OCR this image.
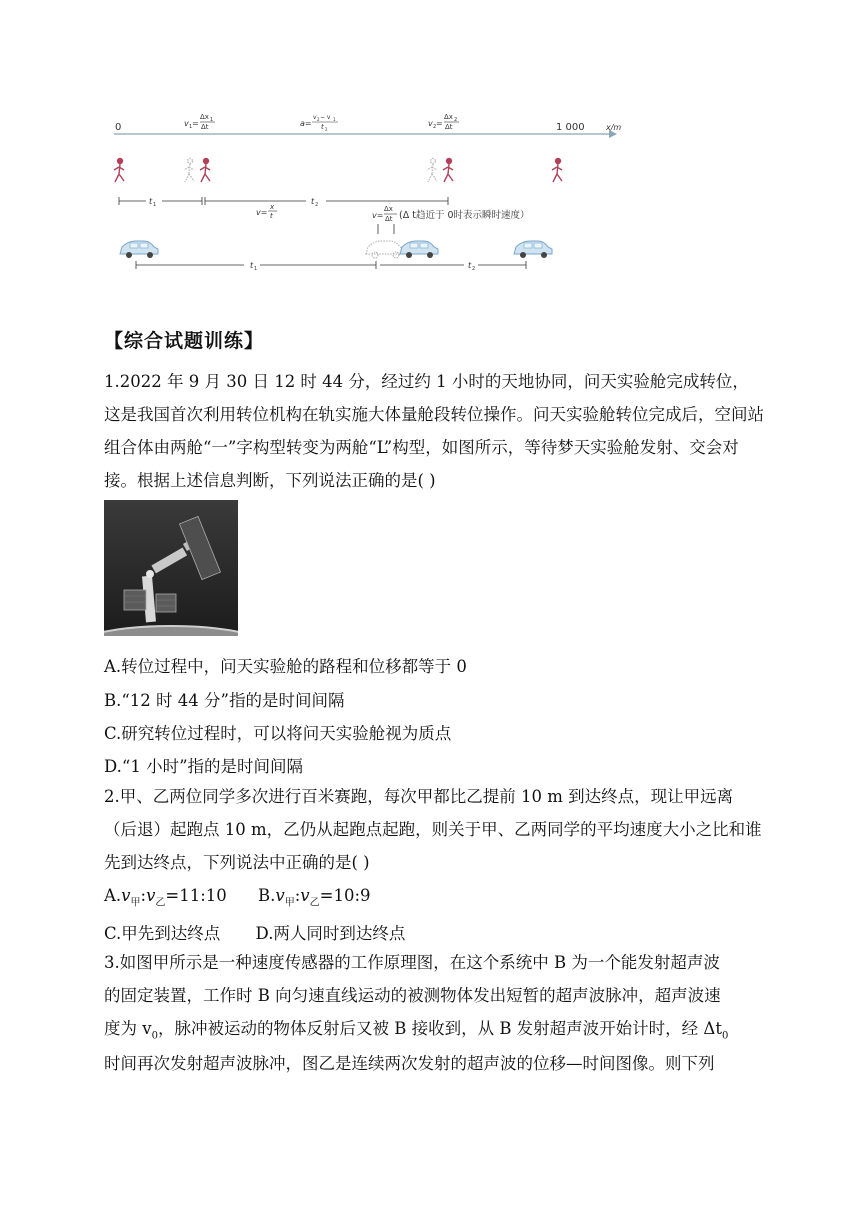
0	1 000	x/m
v 1 =
Δx 1
Δt	a=
v 2 − v 1
t 2
v 2 =
Δx 2
Δt
t 1	t 2
v=
x
t	v=
Δx
Δt (Δ t趋近于 0时表示瞬时速度）
t 1	t 2
【综合试题训练】
1.2022 年 9 月 30 日 12 时 44 分，经过约 1 小时的天地协同，问天实验舱完成转位，这是我国首次利用转位机构在轨实施大体量舱段转位操作。问天实验舱转位完成后，空间站组合体由两舱“一”字构型转变为两舱“L”构型，如图所示，等待梦天实验舱发射、交会对接。根据上述信息判断，下列说法正确的是( )
A.转位过程中，问天实验舱的路程和位移都等于 0
B.“12 时 44 分”指的是时间间隔
C.研究转位过程时，可以将问天实验舱视为质点
D.“1 小时”指的是时间间隔
2.甲、乙两位同学多次进行百米赛跑，每次甲都比乙提前 10 m 到达终点，现让甲远离（后退）起跑点 10 m，乙仍从起跑点起跑，则关于甲、乙两同学的平均速度大小之比和谁先到达终点，下列说法中正确的是( )
$A.v_甲:v_乙=11:10$ $B.v_甲:v_乙=10:9$
C.甲先到达终点 D.两人同时到达终点
3.如图甲所示是一种速度传感器的工作原理图，在这个系统中 B 为一个能发射超声波
的固定装置，工作时 B 向匀速直线运动的被测物体发出短暂的超声波脉冲，超声波速
度为 $v_0$，脉冲被运动的物体反射后又被 B 接收到，从 B 发射超声波开始计时，经 $\Delta t_0$
时间再次发射超声波脉冲，图乙是连续两次发射的超声波的位移—时间图像。则下列
